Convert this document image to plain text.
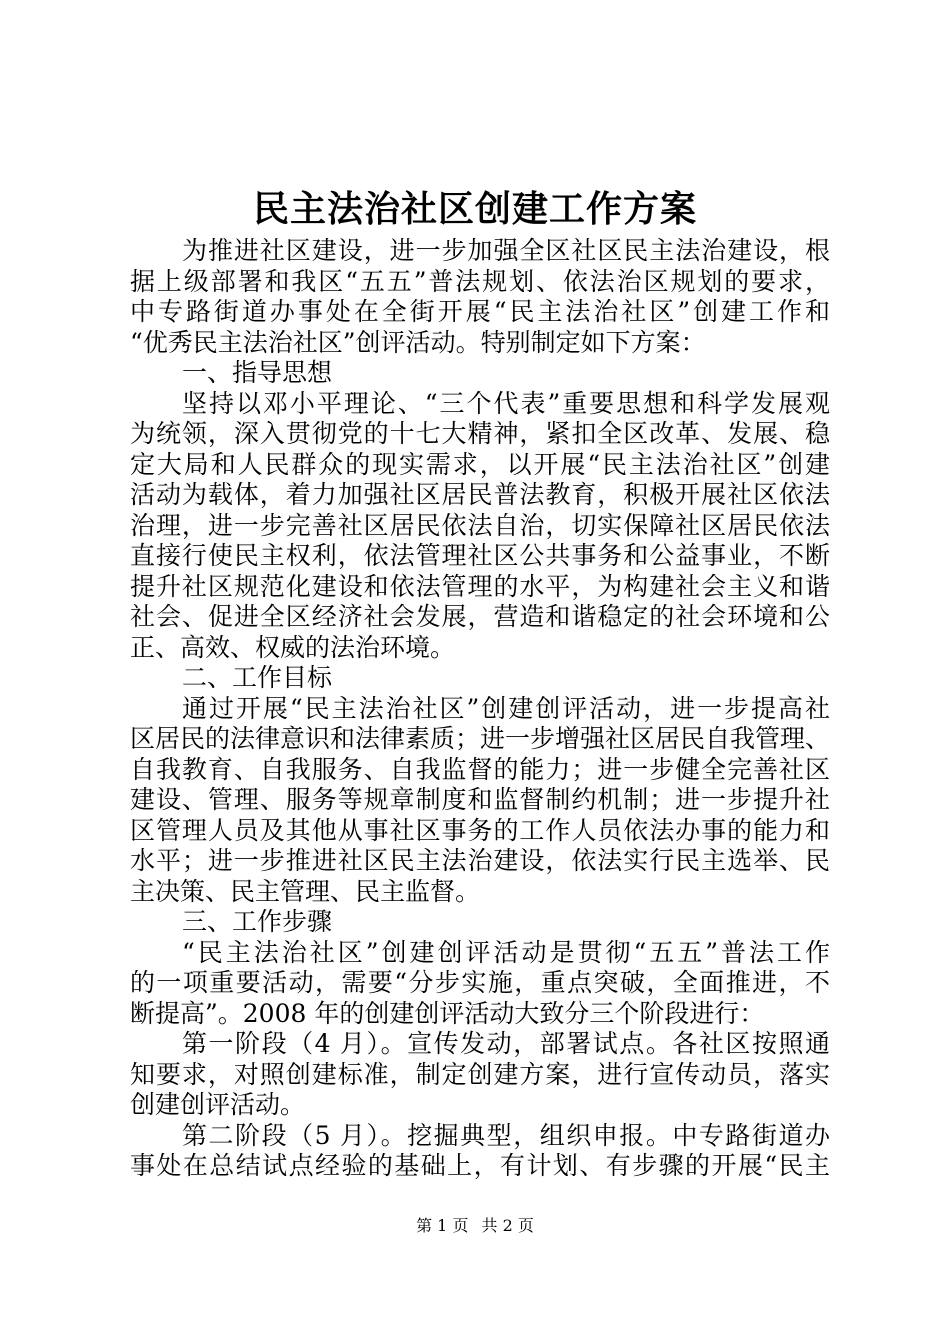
民主法治社区创建工作方案
为推进社区建设，进一步加强全区社区民主法治建设，根
据上级部署和我区“五五”普法规划、依法治区规划的要求，
中专路街道办事处在全街开展“民主法治社区”创建工作和
“优秀民主法治社区”创评活动。特别制定如下方案：
一、指导思想
坚持以邓小平理论、“三个代表”重要思想和科学发展观
为统领，深入贯彻党的十七大精神，紧扣全区改革、发展、稳
定大局和人民群众的现实需求，以开展“民主法治社区”创建
活动为载体，着力加强社区居民普法教育，积极开展社区依法
治理，进一步完善社区居民依法自治，切实保障社区居民依法
直接行使民主权利，依法管理社区公共事务和公益事业，不断
提升社区规范化建设和依法管理的水平，为构建社会主义和谐
社会、促进全区经济社会发展，营造和谐稳定的社会环境和公
正、高效、权威的法治环境。
二、工作目标
通过开展“民主法治社区”创建创评活动，进一步提高社
区居民的法律意识和法律素质；进一步增强社区居民自我管理、
自我教育、自我服务、自我监督的能力；进一步健全完善社区
建设、管理、服务等规章制度和监督制约机制；进一步提升社
区管理人员及其他从事社区事务的工作人员依法办事的能力和
水平；进一步推进社区民主法治建设，依法实行民主选举、民
主决策、民主管理、民主监督。
三、工作步骤
“民主法治社区”创建创评活动是贯彻“五五”普法工作
的一项重要活动，需要“分步实施，重点突破，全面推进，不
断提高”。2008 年的创建创评活动大致分三个阶段进行：
第一阶段（4 月）。宣传发动，部署试点。各社区按照通
知要求，对照创建标准，制定创建方案，进行宣传动员，落实
创建创评活动。
第二阶段（5 月）。挖掘典型，组织申报。中专路街道办
事处在总结试点经验的基础上，有计划、有步骤的开展“民主
第 1 页 共 2 页
